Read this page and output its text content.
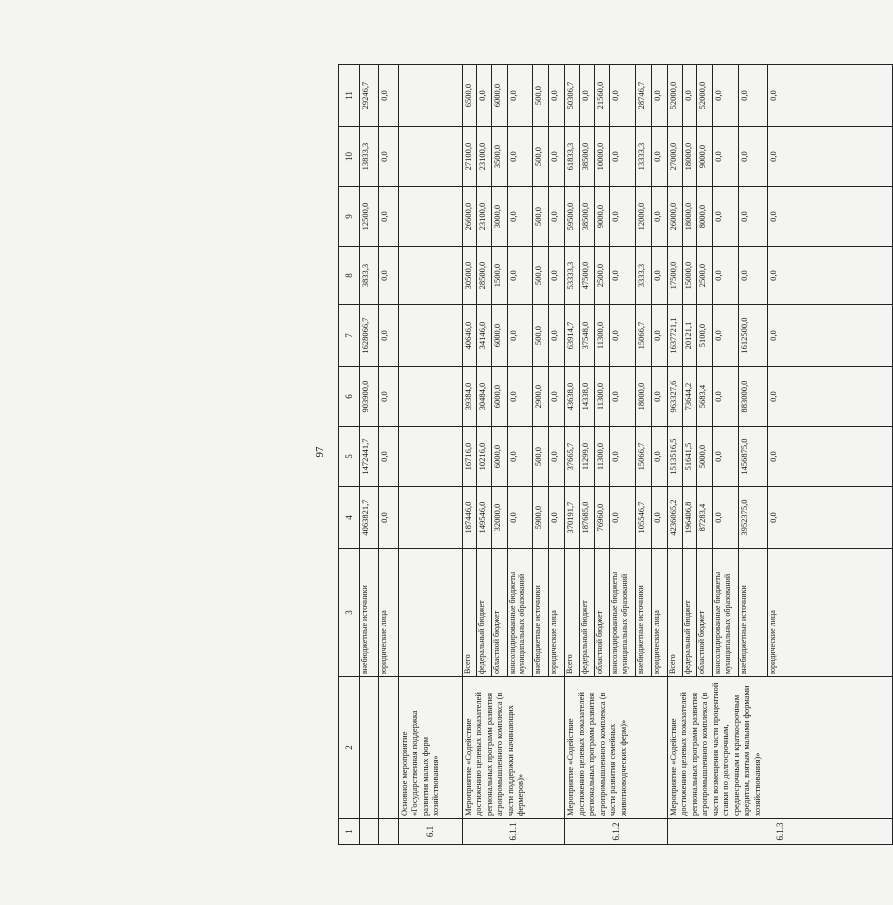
97
1	2	3	4	5	6	7	8	9	10	11
		внебюджетные источники	4063821,7	1472441,7	903900,0	1628066,7	3833,3	12500,0	13833,3	29246,7
		юридические лица	0,0	0,0	0,0	0,0	0,0	0,0	0,0	0,0
6.1	Основное мероприятие «Государственная поддержка развития малых форм хозяйствования»									
6.1.1	Мероприятие «Содействие достижению целевых показателей региональных программ развития агропромышленного комплекса (в части поддержки начинающих фермеров)»	Всего	187446,0	16716,0	39384,0	40646,0	30500,0	26600,0	27100,0	6500,0
		федеральный бюджет	149546,0	10216,0	30484,0	34146,0	28500,0	23100,0	23100,0	0,0
		областной бюджет	32000,0	6000,0	6000,0	6000,0	1500,0	3000,0	3500,0	6000,0
		консолидированные бюджеты муниципальных образований	0,0	0,0	0,0	0,0	0,0	0,0	0,0	0,0
		внебюджетные источники	5900,0	500,0	2900,0	500,0	500,0	500,0	500,0	500,0
		юридические лица	0,0	0,0	0,0	0,0	0,0	0,0	0,0	0,0
6.1.2	Мероприятие «Содействие достижению целевых показателей региональных программ развития агропромышленного комплекса (в части развития семейных животноводческих ферм)»	Всего	370191,7	37665,7	43638,0	63914,7	53333,3	59500,0	61833,3	50306,7
		федеральный бюджет	187685,0	11299,0	14338,0	37548,0	47500,0	38500,0	38500,0	0,0
		областной бюджет	76960,0	11300,0	11300,0	11300,0	2500,0	9000,0	10000,0	21560,0
		консолидированные бюджеты муниципальных образований	0,0	0,0	0,0	0,0	0,0	0,0	0,0	0,0
		внебюджетные источники	105546,7	15066,7	18000,0	15066,7	3333,3	12000,0	13333,3	28746,7
		юридические лица	0,0	0,0	0,0	0,0	0,0	0,0	0,0	0,0
6.1.3	Мероприятие «Содействие достижению целевых показателей региональных программ развития агропромышленного комплекса (в части возмещения части процентной ставки по долгосрочным, среднесрочным и краткосрочным кредитам, взятым малыми формами хозяйствования)»	Всего	4236065,2	1513516,5	963327,6	1637721,1	17500,0	26000,0	27000,0	52000,0
		федеральный бюджет	196406,8	51641,5	73644,2	20121,1	15000,0	18000,0	18000,0	0,0
		областной бюджет	87283,4	5000,0	5683,4	5100,0	2500,0	8000,0	9000,0	52000,0
		консолидированные бюджеты муниципальных образований	0,0	0,0	0,0	0,0	0,0	0,0	0,0	0,0
		внебюджетные источники	3952375,0	1456875,0	883000,0	1612500,0	0,0	0,0	0,0	0,0
		юридические лица	0,0	0,0	0,0	0,0	0,0	0,0	0,0	0,0
